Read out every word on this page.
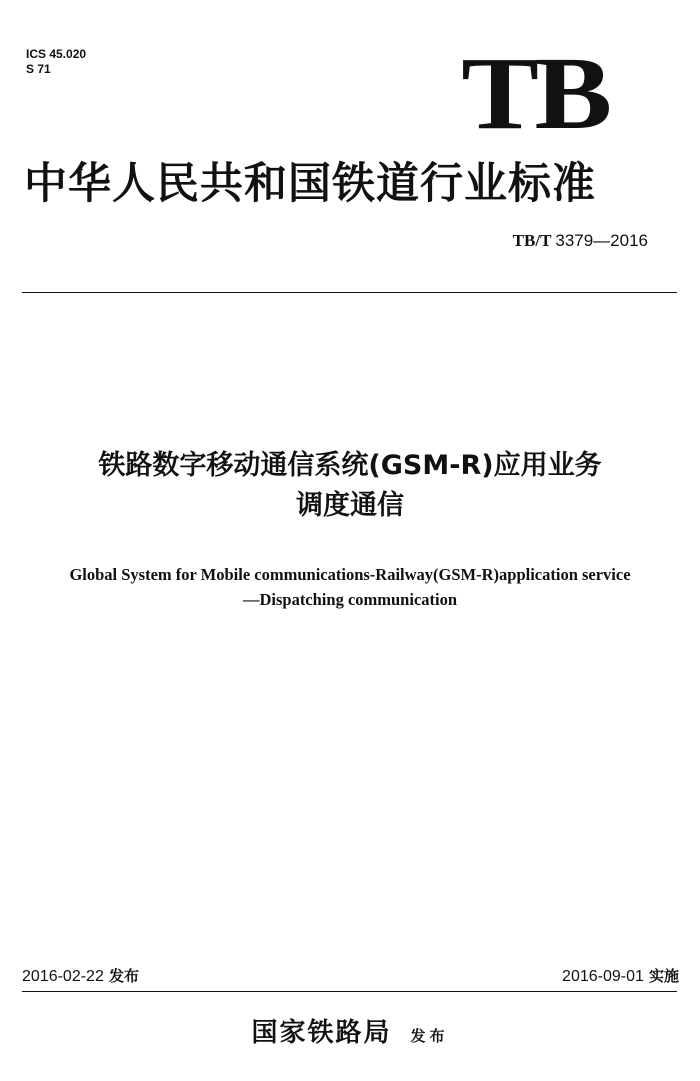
ICS 45.020
S 71	TB
中华人民共和国铁道行业标准
TB/T 3379—2016
铁路数字移动通信系统(GSM-R)应用业务
调度通信
Global System for Mobile communications-Railway(GSM-R)application service
—Dispatching communication
2016-02-22 发布	2016-09-01 实施
国家铁路局 发布
